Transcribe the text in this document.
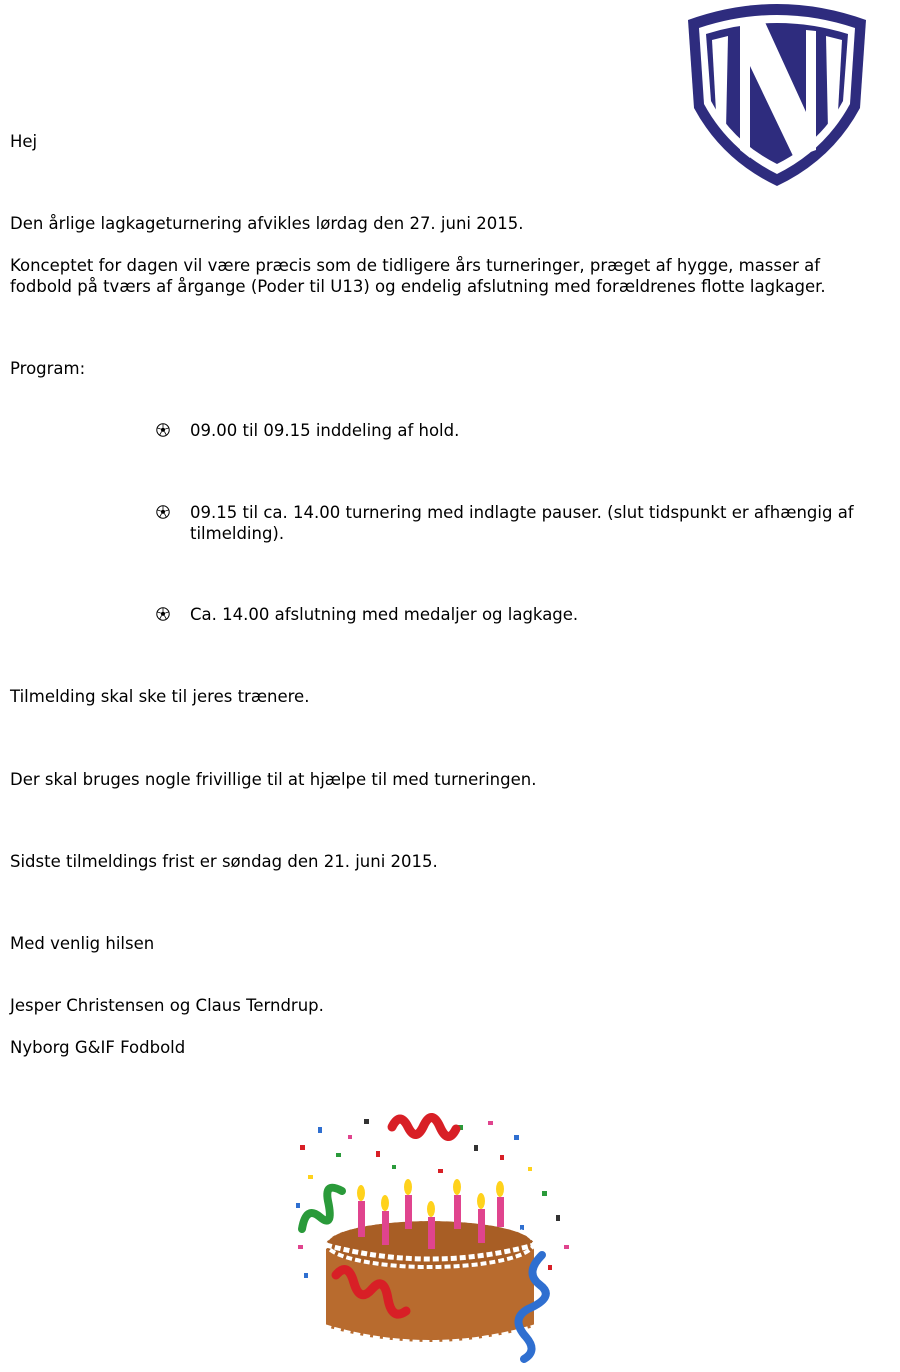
Hej

Den årlige lagkageturnering afvikles lørdag den 27. juni 2015.

Konceptet for dagen vil være præcis som de tidligere års turneringer, præget af hygge, masser af fodbold på tværs af årgange (Poder til U13) og endelig afslutning med forældrenes flotte lagkager.

Program:

09.00 til 09.15 inddeling af hold.
09.15 til ca. 14.00 turnering med indlagte pauser. (slut tidspunkt er afhængig af tilmelding).
Ca. 14.00 afslutning med medaljer og lagkage.

Tilmelding skal ske til jeres trænere.

Der skal bruges nogle frivillige til at hjælpe til med turneringen.

Sidste tilmeldings frist er søndag den 21. juni 2015.

Med venlig hilsen

Jesper Christensen og Claus Terndrup.

Nyborg G&IF Fodbold
